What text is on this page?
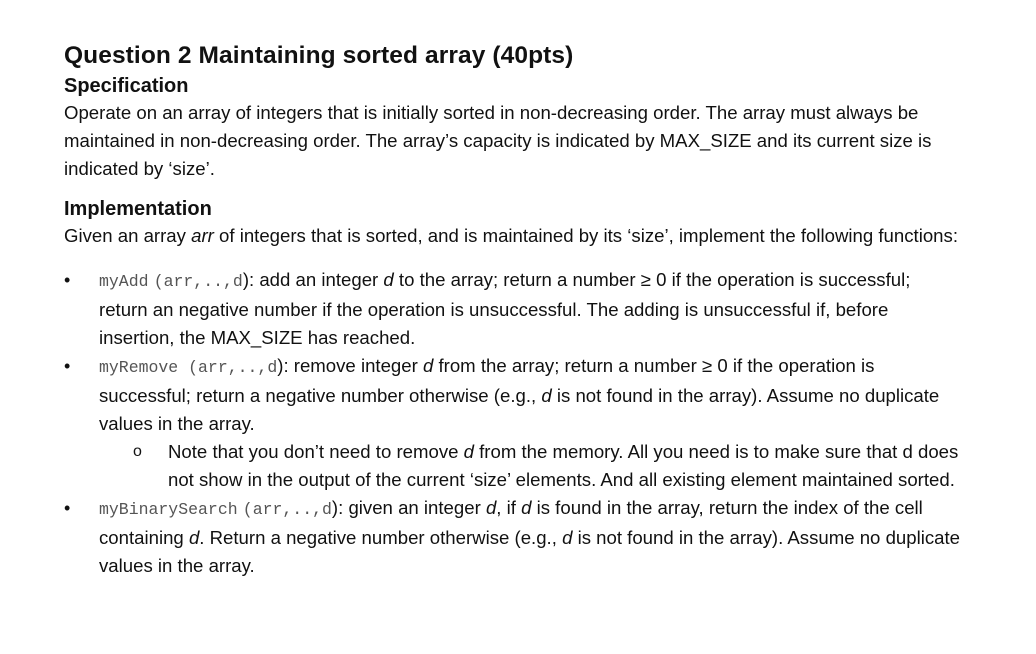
Question 2 Maintaining sorted array (40pts)
Specification

Operate on an array of integers that is initially sorted in non-decreasing order. The array must always be maintained in non-decreasing order. The array’s capacity is indicated by MAX_SIZE and its current size is indicated by ‘size’.

Implementation

Given an array arr of integers that is sorted, and is maintained by its ‘size’, implement the following functions:

•	myAdd (arr,..,d): add an integer d to the array; return a number ≥ 0 if the operation is successful; return an negative number if the operation is unsuccessful. The adding is unsuccessful if, before insertion, the MAX_SIZE has reached.
•	myRemove (arr,..,d): remove integer d from the array; return a number ≥ 0 if the operation is successful; return a negative number otherwise (e.g., d is not found in the array). Assume no duplicate values in the array.
o Note that you don’t need to remove d from the memory. All you need is to make sure that d does not show in the output of the current ‘size’ elements. And all existing element maintained sorted.
•	myBinarySearch (arr,..,d): given an integer d, if d is found in the array, return the index of the cell containing d. Return a negative number otherwise (e.g., d is not found in the array). Assume no duplicate values in the array.
